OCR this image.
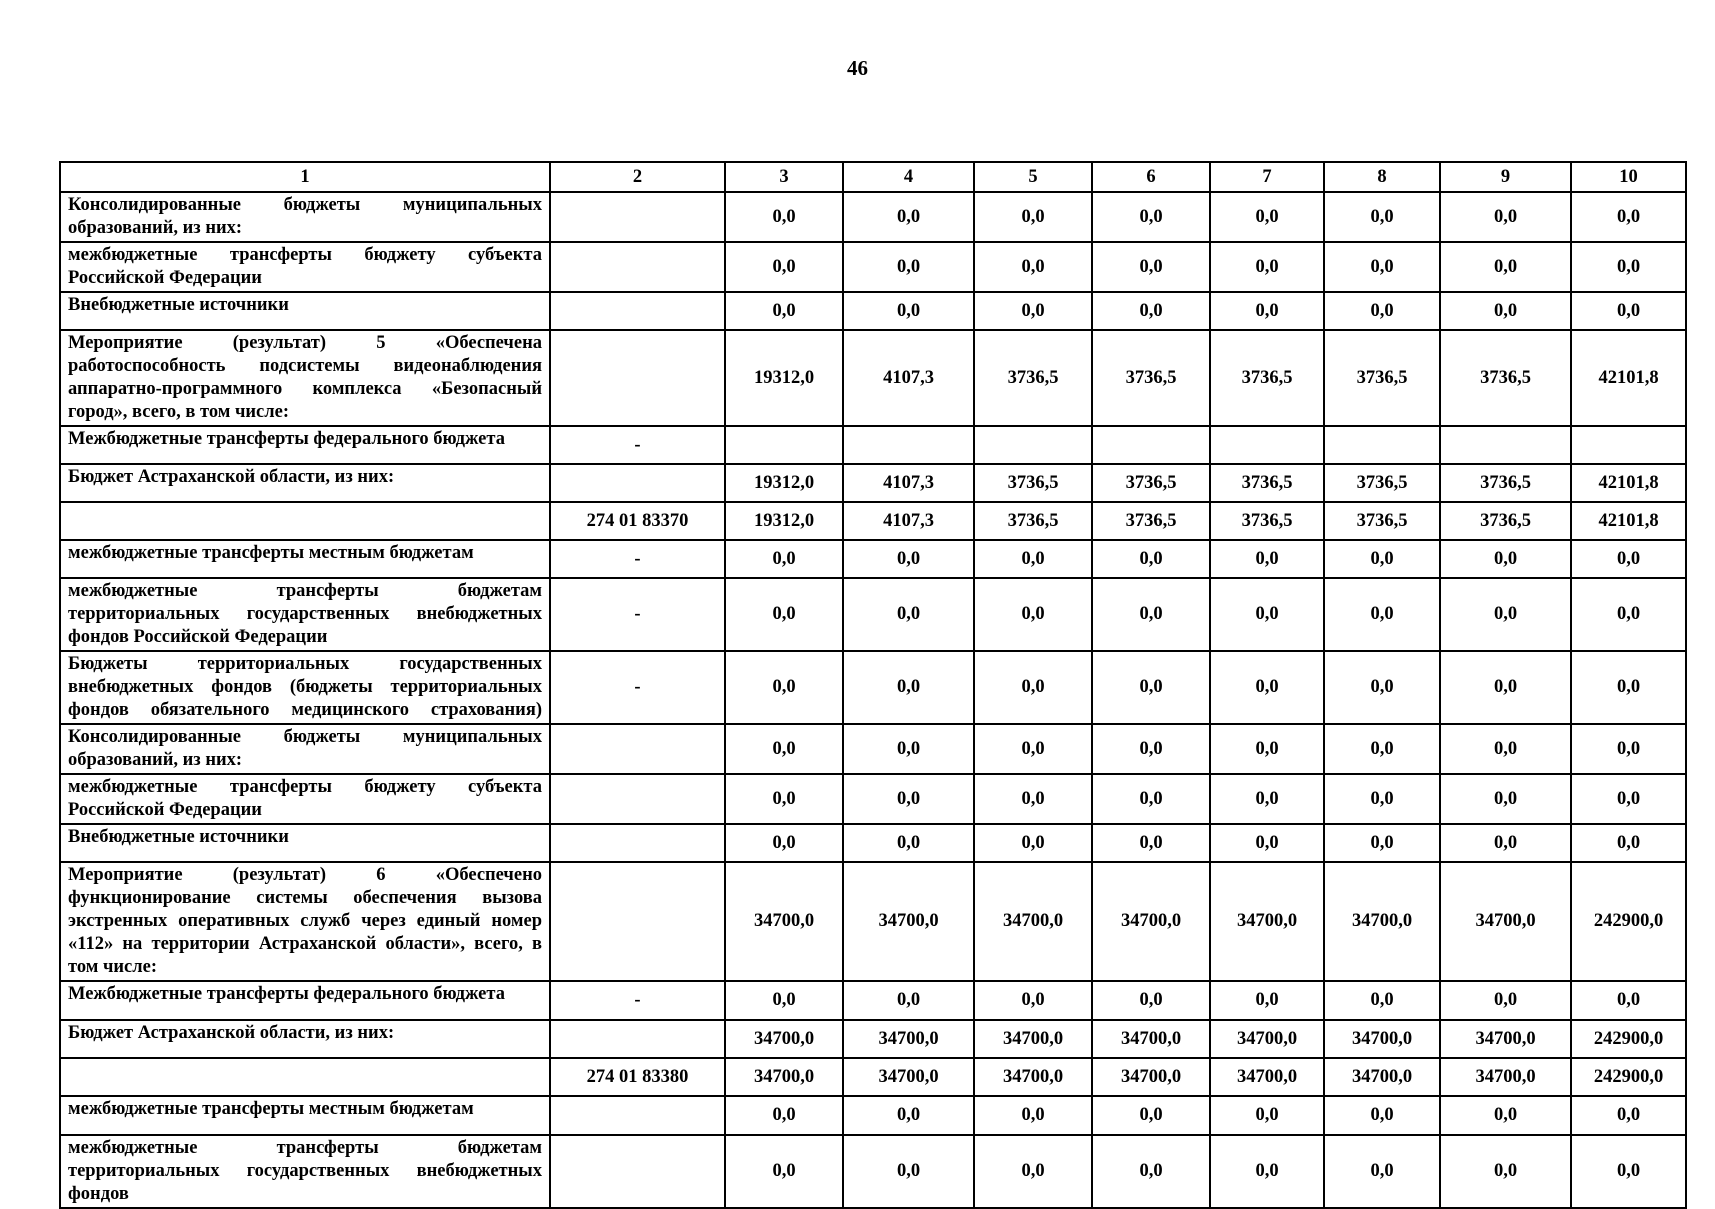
46
1	2	3	4	5	6	7	8	9	10
Консолидированные бюджеты муниципальных образований, из них:		0,0	0,0	0,0	0,0	0,0	0,0	0,0	0,0
межбюджетные трансферты бюджету субъекта Российской Федерации		0,0	0,0	0,0	0,0	0,0	0,0	0,0	0,0
Внебюджетные источники		0,0	0,0	0,0	0,0	0,0	0,0	0,0	0,0
Мероприятие (результат) 5 «Обеспечена работоспособность подсистемы видеонаблюдения аппаратно-программного комплекса «Безопасный город», всего, в том числе:		19312,0	4107,3	3736,5	3736,5	3736,5	3736,5	3736,5	42101,8
Межбюджетные трансферты федерального бюджета	-								
Бюджет Астраханской области, из них:		19312,0	4107,3	3736,5	3736,5	3736,5	3736,5	3736,5	42101,8
	274 01 83370	19312,0	4107,3	3736,5	3736,5	3736,5	3736,5	3736,5	42101,8
межбюджетные трансферты местным бюджетам	-	0,0	0,0	0,0	0,0	0,0	0,0	0,0	0,0
межбюджетные трансферты бюджетам территориальных государственных внебюджетных фондов Российской Федерации	-	0,0	0,0	0,0	0,0	0,0	0,0	0,0	0,0
Бюджеты территориальных государственных внебюджетных фондов (бюджеты территориальных фондов обязательного медицинского страхования)	-	0,0	0,0	0,0	0,0	0,0	0,0	0,0	0,0
Консолидированные бюджеты муниципальных образований, из них:		0,0	0,0	0,0	0,0	0,0	0,0	0,0	0,0
межбюджетные трансферты бюджету субъекта Российской Федерации		0,0	0,0	0,0	0,0	0,0	0,0	0,0	0,0
Внебюджетные источники		0,0	0,0	0,0	0,0	0,0	0,0	0,0	0,0
Мероприятие (результат) 6 «Обеспечено функционирование системы обеспечения вызова экстренных оперативных служб через единый номер «112» на территории Астраханской области», всего, в том числе:		34700,0	34700,0	34700,0	34700,0	34700,0	34700,0	34700,0	242900,0
Межбюджетные трансферты федерального бюджета	-	0,0	0,0	0,0	0,0	0,0	0,0	0,0	0,0
Бюджет Астраханской области, из них:		34700,0	34700,0	34700,0	34700,0	34700,0	34700,0	34700,0	242900,0
	274 01 83380	34700,0	34700,0	34700,0	34700,0	34700,0	34700,0	34700,0	242900,0
межбюджетные трансферты местным бюджетам		0,0	0,0	0,0	0,0	0,0	0,0	0,0	0,0
межбюджетные трансферты бюджетам территориальных государственных внебюджетных фондов		0,0	0,0	0,0	0,0	0,0	0,0	0,0	0,0
